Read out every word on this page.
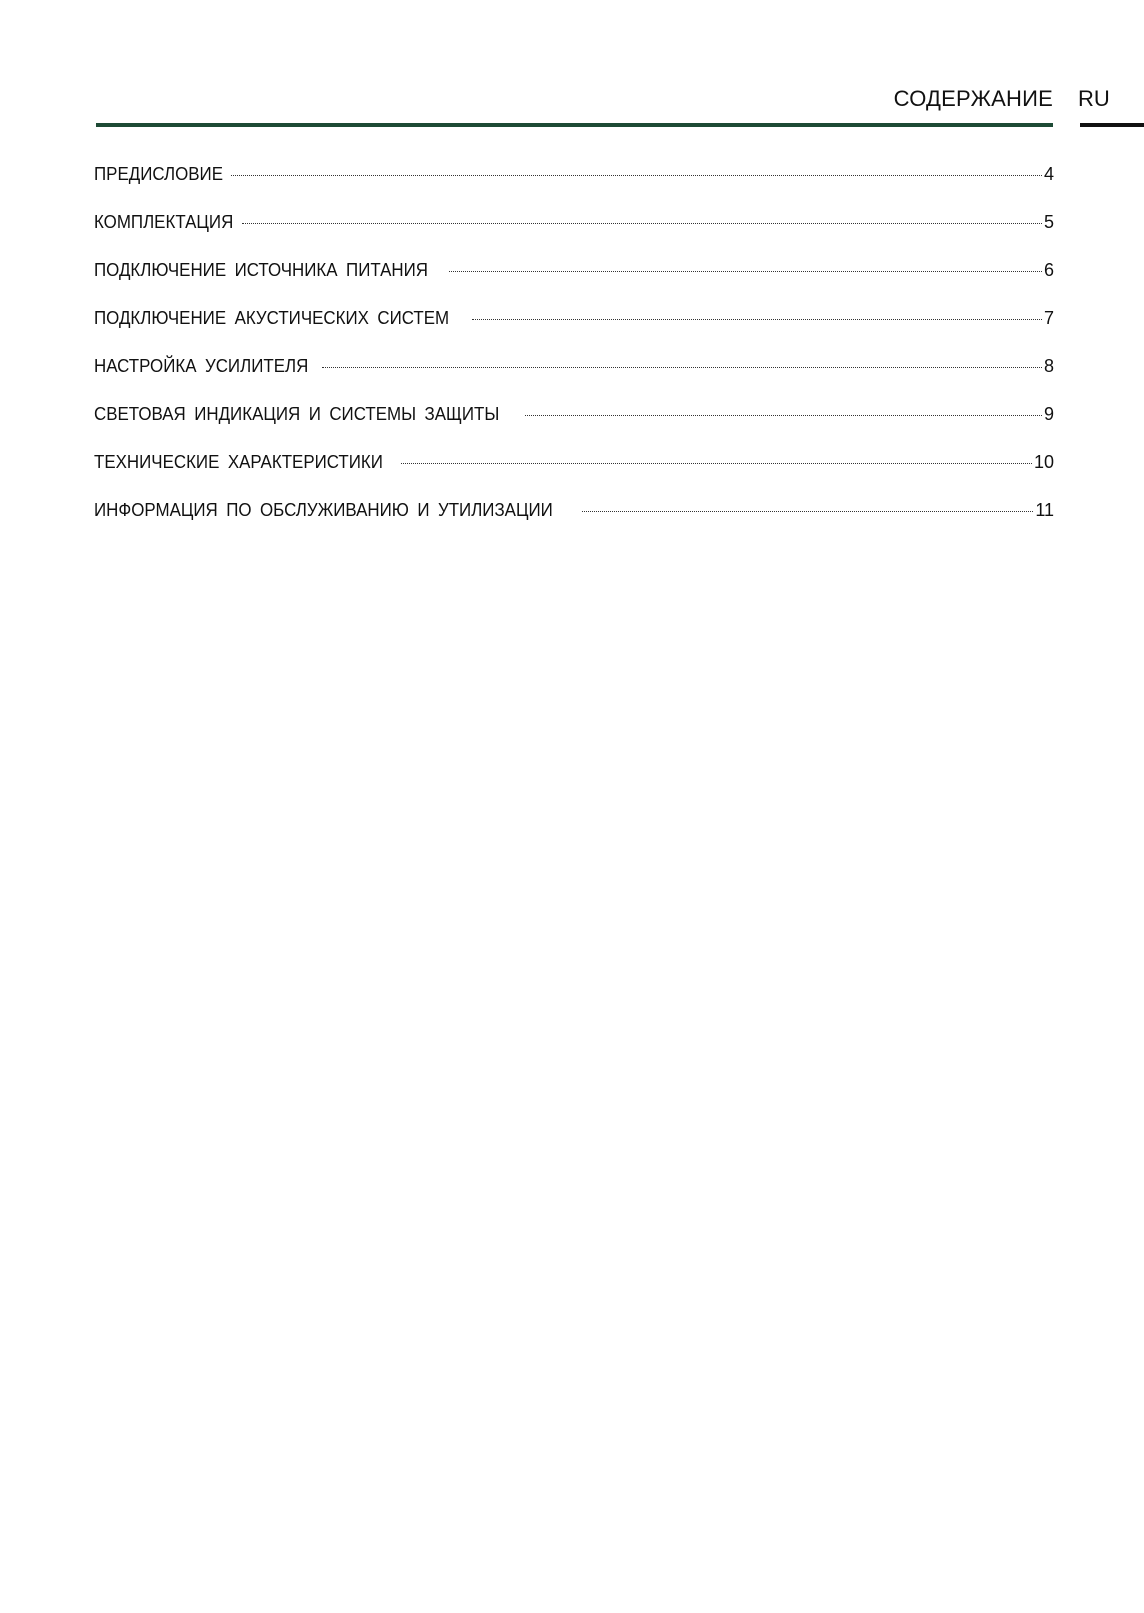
СОДЕРЖАНИЕ RU
ПРЕДИСЛОВИЕ	4
КОМПЛЕКТАЦИЯ	5
ПОДКЛЮЧЕНИЕ ИСТОЧНИКА ПИТАНИЯ	6
ПОДКЛЮЧЕНИЕ АКУСТИЧЕСКИХ СИСТЕМ	7
НАСТРОЙКА УСИЛИТЕЛЯ	8
СВЕТОВАЯ ИНДИКАЦИЯ И СИСТЕМЫ ЗАЩИТЫ	9
ТЕХНИЧЕСКИЕ ХАРАКТЕРИСТИКИ	10
ИНФОРМАЦИЯ ПО ОБСЛУЖИВАНИЮ И УТИЛИЗАЦИИ	11
